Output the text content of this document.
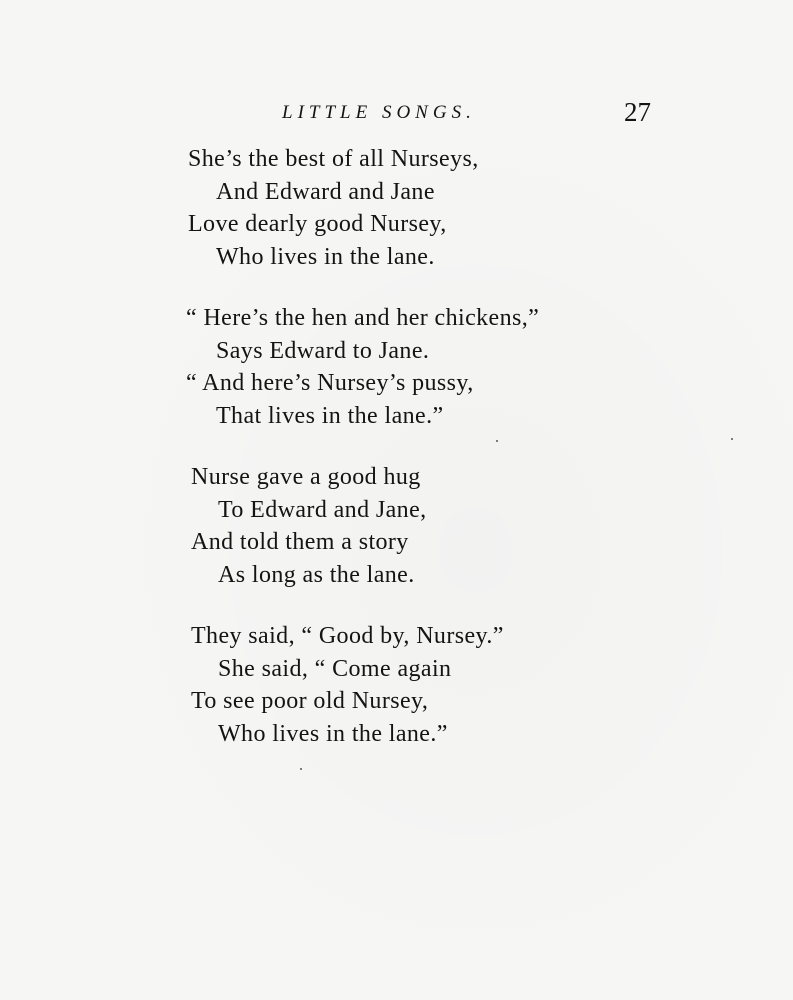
LITTLE SONGS.	27
She’s the best of all Nurseys,
And Edward and Jane
Love dearly good Nursey,
Who lives in the lane.
“ Here’s the hen and her chickens,”
Says Edward to Jane.
“ And here’s Nursey’s pussy,
That lives in the lane.”
Nurse gave a good hug
To Edward and Jane,
And told them a story
As long as the lane.
They said, “ Good by, Nursey.”
She said, “ Come again
To see poor old Nursey,
Who lives in the lane.”
